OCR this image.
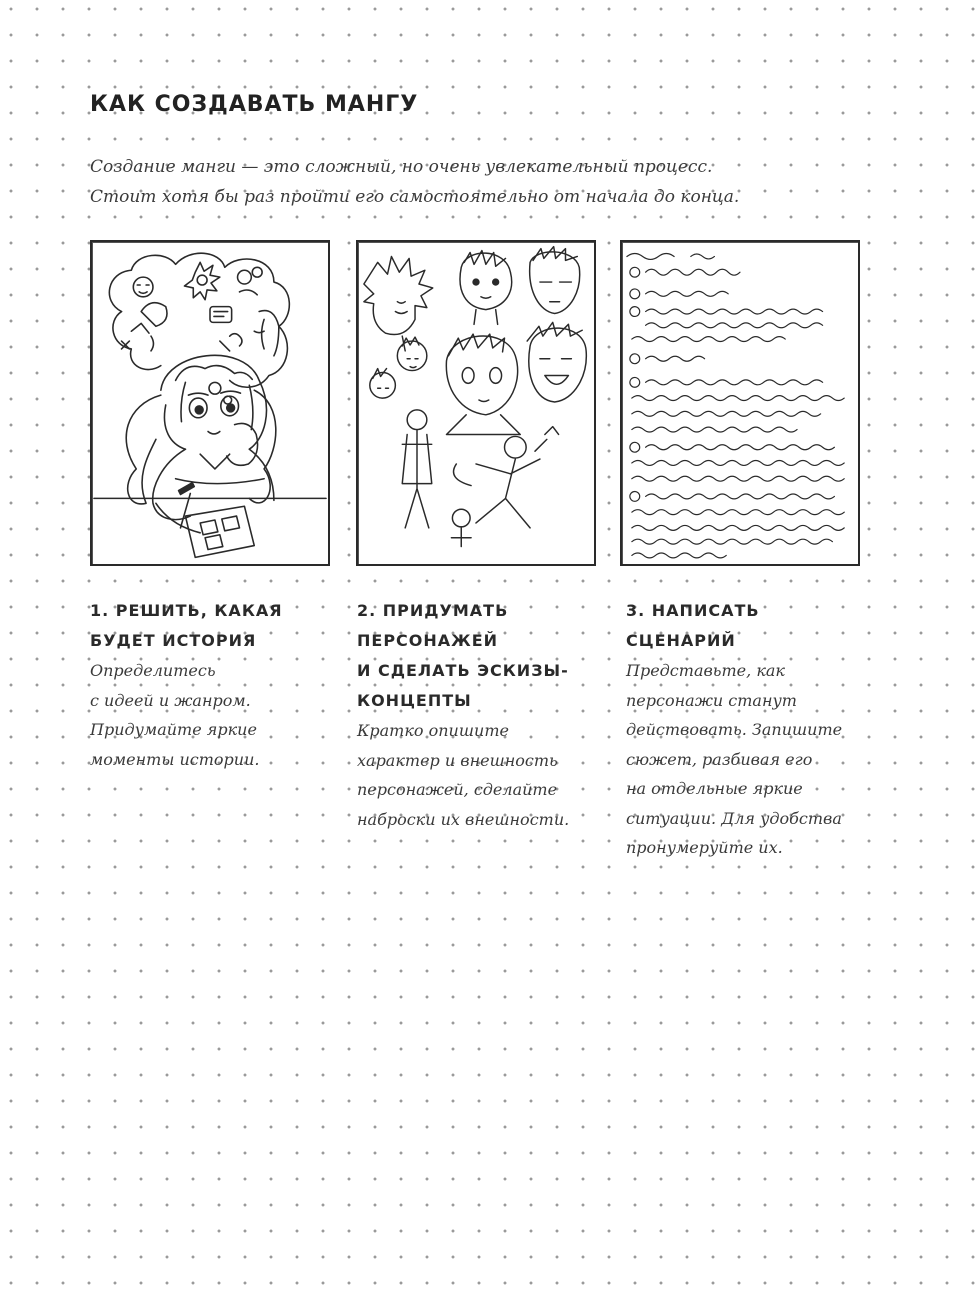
КАК СОЗДАВАТЬ МАНГУ
Создание манги — это сложный, но очень увлекательный процесс.
Стоит хотя бы раз пройти его самостоятельно от начала до конца.
1. РЕШИТЬ, КАКАЯ
БУДЕТ ИСТОРИЯ
Определитесь
с идеей и жанром.
Придумайте яркие
моменты истории.
2. ПРИДУМАТЬ
ПЕРСОНАЖЕЙ
И СДЕЛАТЬ ЭСКИЗЫ-
КОНЦЕПТЫ
Кратко опишите
характер и внешность
персонажей, сделайте
наброски их внешности.
3. НАПИСАТЬ
СЦЕНАРИЙ
Представьте, как
персонажи станут
действовать. Запишите
сюжет, разбивая его
на отдельные яркие
ситуации. Для удобства
пронумеруйте их.
